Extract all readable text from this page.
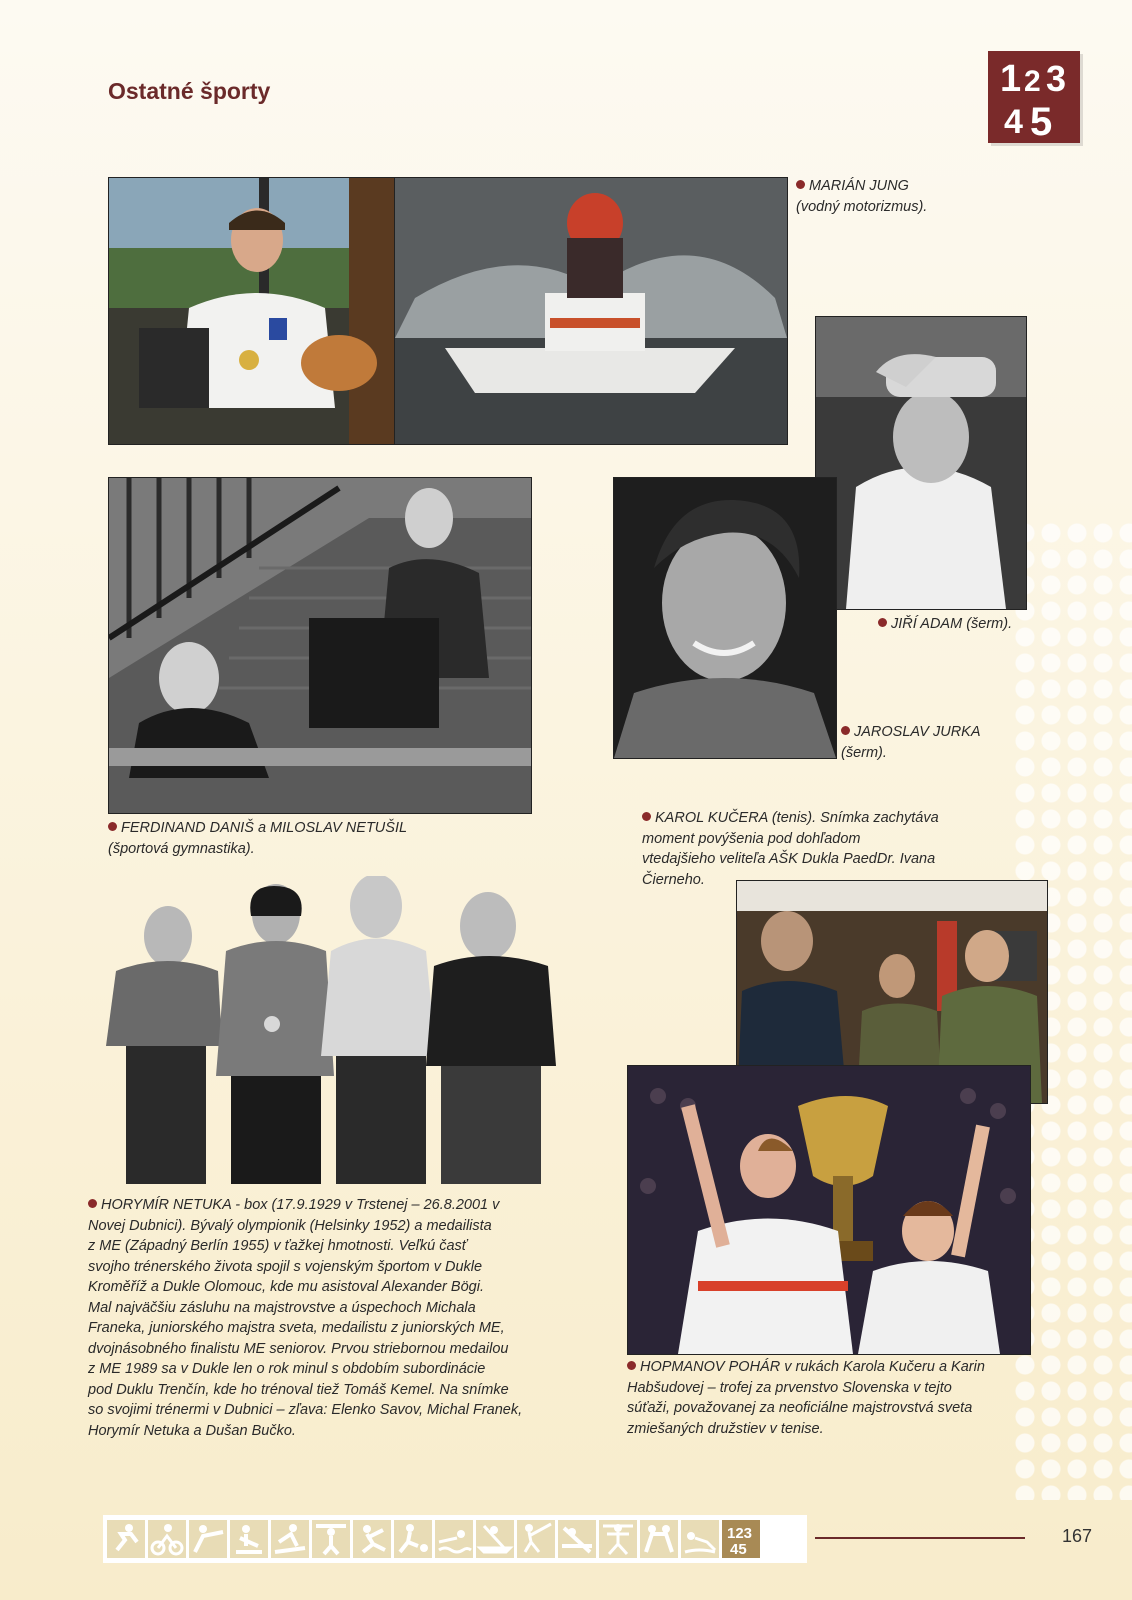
Ostatné športy	1 2 3
4 5
MARIÁN JUNG
(vodný motorizmus).
JIŘÍ ADAM (šerm).
JAROSLAV JURKA
(šerm).
FERDINAND DANIŠ a MILOSLAV NETUŠIL
(športová gymnastika).
KAROL KUČERA (tenis). Snímka zachytáva
moment povýšenia pod dohľadom
vtedajšieho veliteľa AŠK Dukla PaedDr. Ivana
Čierneho.
HORYMÍR NETUKA - box (17.9.1929 v Trstenej – 26.8.2001 v
Novej Dubnici). Bývalý olympionik (Helsinky 1952) a medailista
z ME (Západný Berlín 1955) v ťažkej hmotnosti. Veľkú časť
svojho trénerského života spojil s vojenským športom v Dukle
Kroměříž a Dukle Olomouc, kde mu asistoval Alexander Bögi.
Mal najväčšiu zásluhu na majstrovstve a úspechoch Michala
Franeka, juniorského majstra sveta, medailistu z juniorských ME,
dvojnásobného finalistu ME seniorov. Prvou striebornou medailou
z ME 1989 sa v Dukle len o rok minul s obdobím subordinácie
pod Duklu Trenčín, kde ho trénoval tiež Tomáš Kemel. Na snímke
so svojimi trénermi v Dubnici – zľava: Elenko Savov, Michal Franek,
Horymír Netuka a Dušan Bučko.
HOPMANOV POHÁR v rukách Karola Kučeru a Karin
Habšudovej – trofej za prvenstvo Slovenska v tejto
súťaži, považovanej za neoficiálne majstrovstvá sveta
zmiešaných družstiev v tenise.
123
45
167
